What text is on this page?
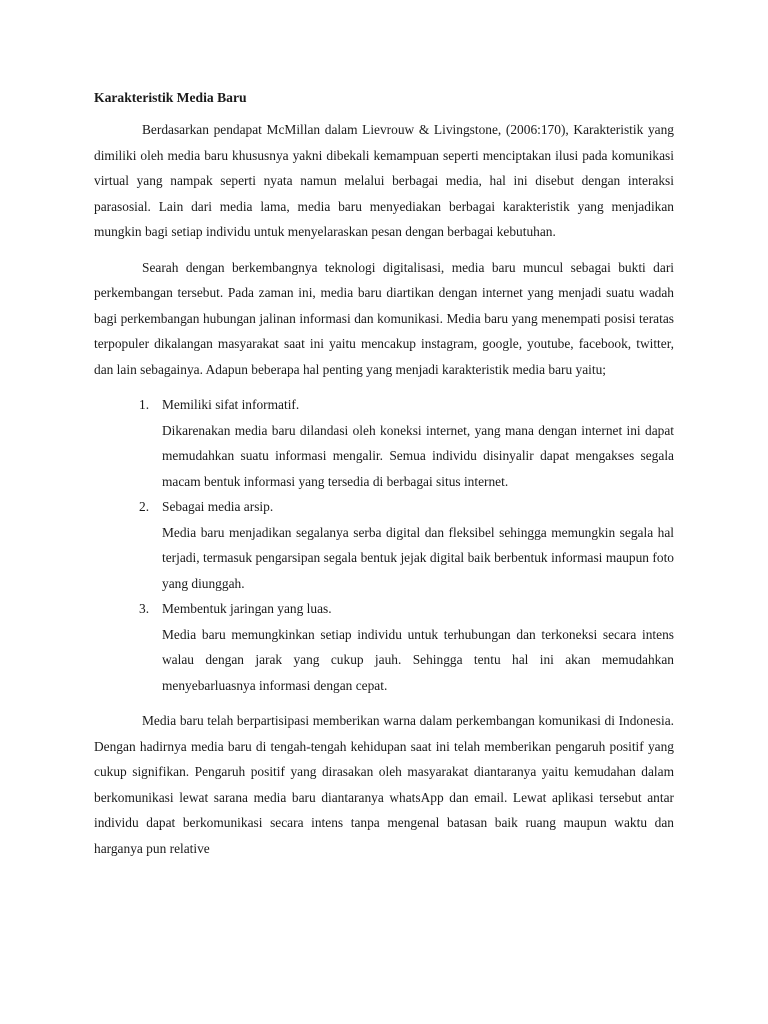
Karakteristik Media Baru

Berdasarkan pendapat McMillan dalam Lievrouw & Livingstone, (2006:170), Karakteristik yang dimiliki oleh media baru khususnya yakni dibekali kemampuan seperti menciptakan ilusi pada komunikasi virtual yang nampak seperti nyata namun melalui berbagai media, hal ini disebut dengan interaksi parasosial. Lain dari media lama, media baru menyediakan berbagai karakteristik yang menjadikan mungkin bagi setiap individu untuk menyelaraskan pesan dengan berbagai kebutuhan.

Searah dengan berkembangnya teknologi digitalisasi, media baru muncul sebagai bukti dari perkembangan tersebut. Pada zaman ini, media baru diartikan dengan internet yang menjadi suatu wadah bagi perkembangan hubungan jalinan informasi dan komunikasi. Media baru yang menempati posisi teratas terpopuler dikalangan masyarakat saat ini yaitu mencakup instagram, google, youtube, facebook, twitter, dan lain sebagainya. Adapun beberapa hal penting yang menjadi karakteristik media baru yaitu;

1. Memiliki sifat informatif.
Dikarenakan media baru dilandasi oleh koneksi internet, yang mana dengan internet ini dapat memudahkan suatu informasi mengalir. Semua individu disinyalir dapat mengakses segala macam bentuk informasi yang tersedia di berbagai situs internet.
2. Sebagai media arsip.
Media baru menjadikan segalanya serba digital dan fleksibel sehingga memungkin segala hal terjadi, termasuk pengarsipan segala bentuk jejak digital baik berbentuk informasi maupun foto yang diunggah.
3. Membentuk jaringan yang luas.
Media baru memungkinkan setiap individu untuk terhubungan dan terkoneksi secara intens walau dengan jarak yang cukup jauh. Sehingga tentu hal ini akan memudahkan menyebarluasnya informasi dengan cepat.

Media baru telah berpartisipasi memberikan warna dalam perkembangan komunikasi di Indonesia. Dengan hadirnya media baru di tengah-tengah kehidupan saat ini telah memberikan pengaruh positif yang cukup signifikan. Pengaruh positif yang dirasakan oleh masyarakat diantaranya yaitu kemudahan dalam berkomunikasi lewat sarana media baru diantaranya whatsApp dan email. Lewat aplikasi tersebut antar individu dapat berkomunikasi secara intens tanpa mengenal batasan baik ruang maupun waktu dan harganya pun relative
